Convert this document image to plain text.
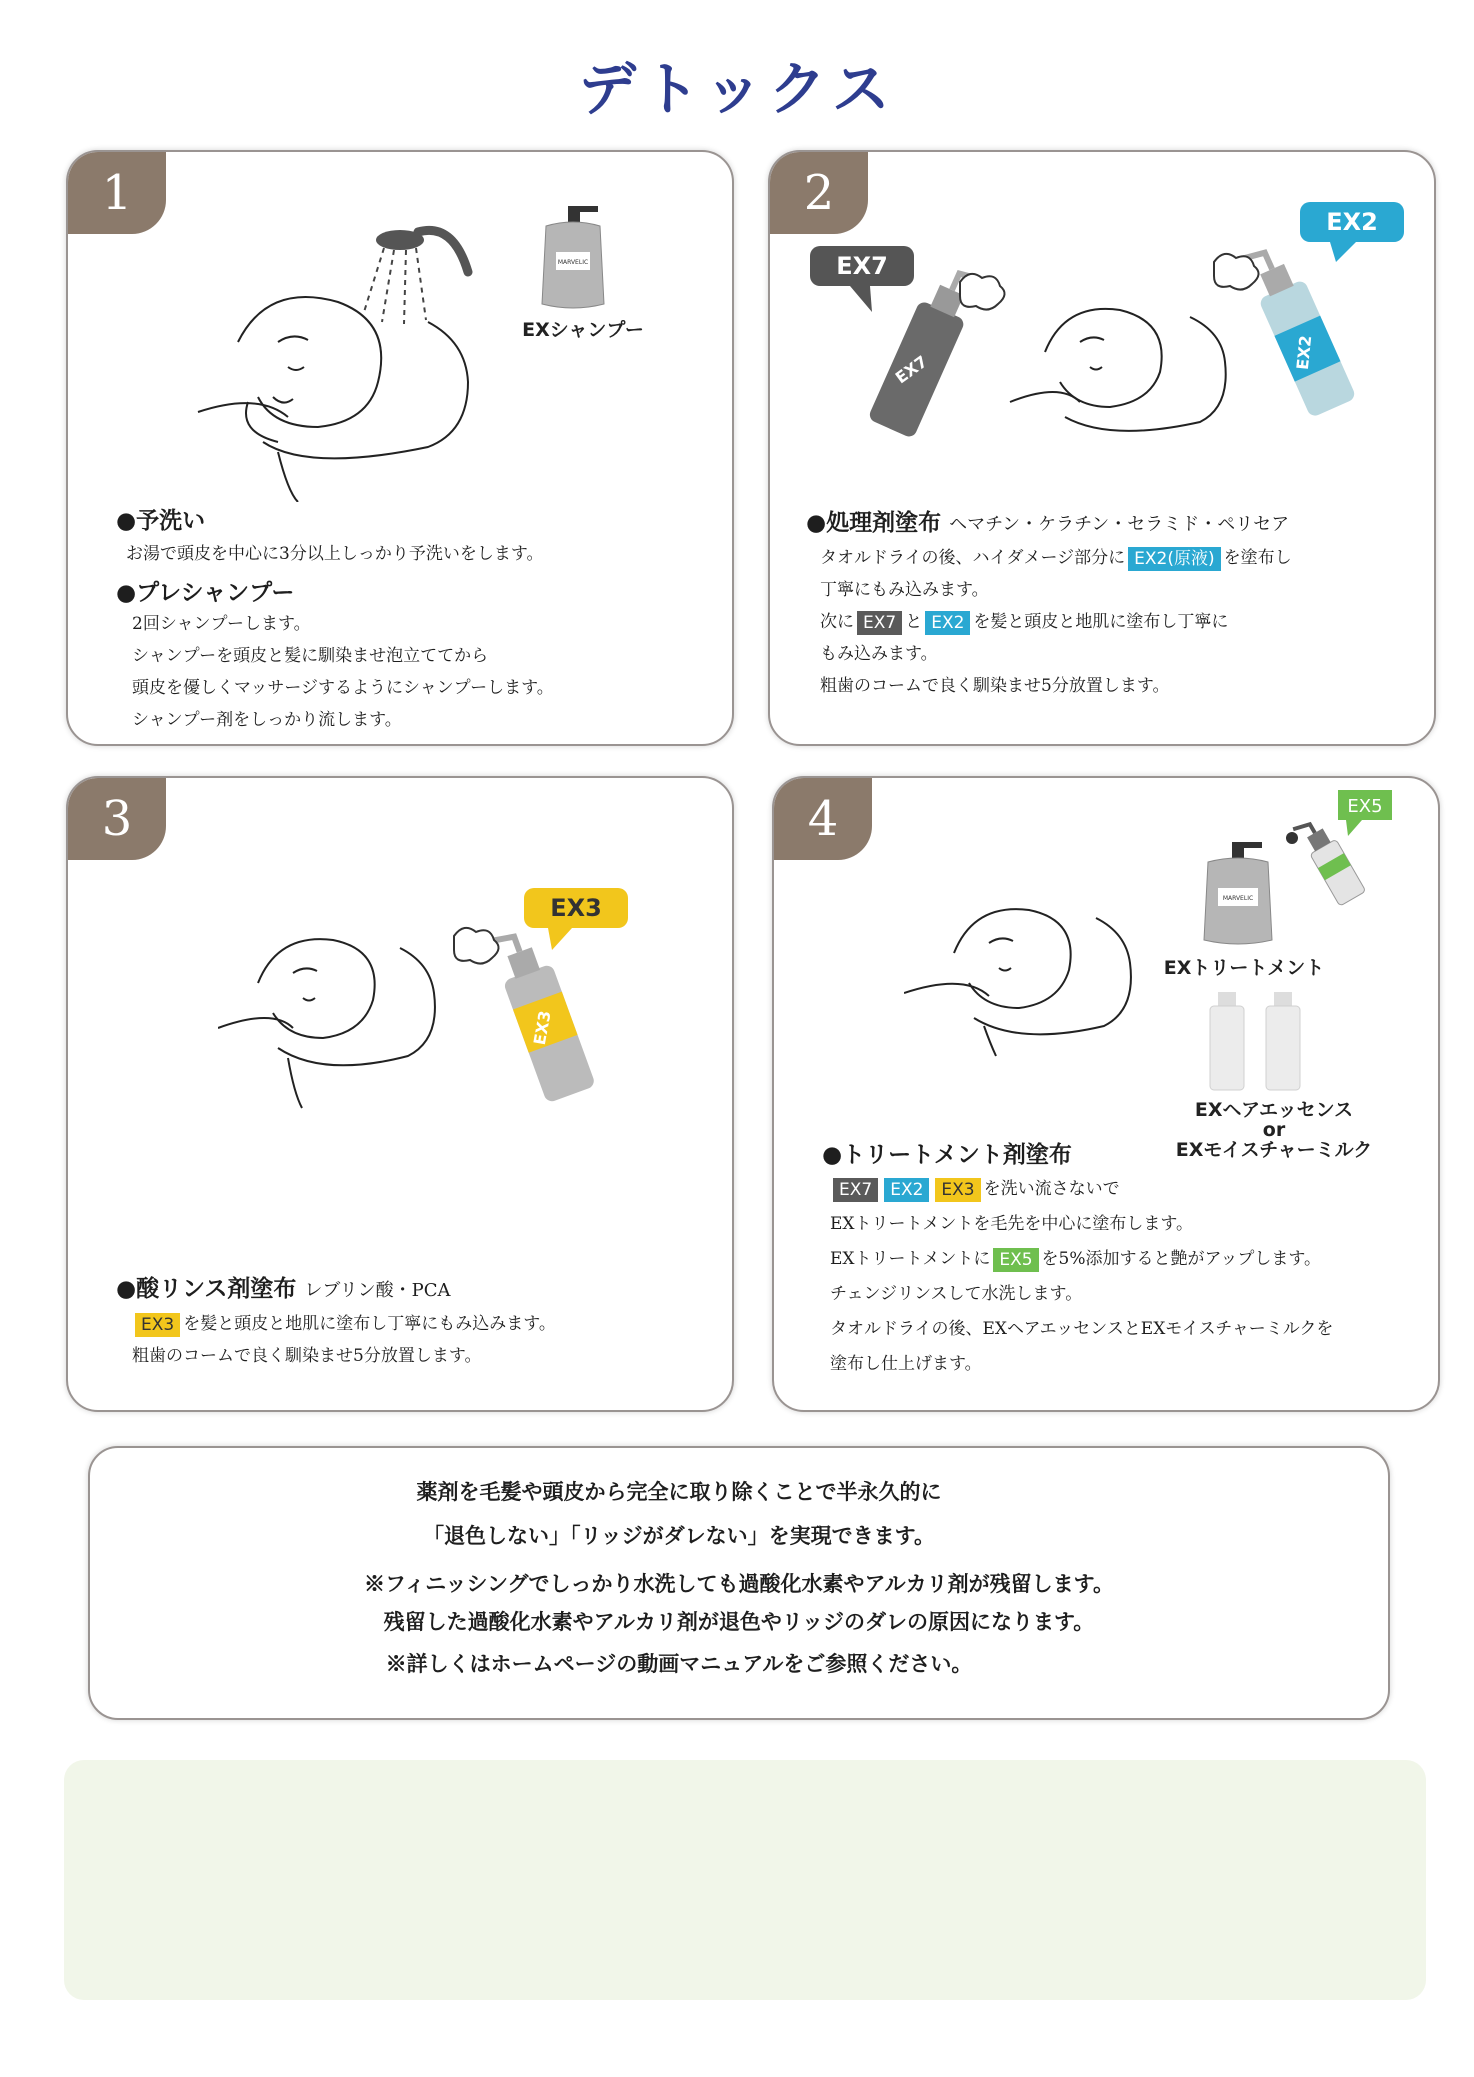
デトックス
1
MARVELIC
EXシャンプー
●予洗い
お湯で頭皮を中心に3分以上しっかり予洗いをします。
●プレシャンプー
2回シャンプーします。
シャンプーを頭皮と髪に馴染ませ泡立ててから
頭皮を優しくマッサージするようにシャンプーします。
シャンプー剤をしっかり流します。
2
EX7
EX7
EX2
EX2
●処理剤塗布 ヘマチン・ケラチン・セラミド・ペリセア
タオルドライの後、ハイダメージ部分に EX2(原液) を塗布し
丁寧にもみ込みます。
次に EX7 と EX2 を髪と頭皮と地肌に塗布し丁寧に
もみ込みます。
粗歯のコームで良く馴染ませ5分放置します。
3
EX3
EX3
●酸リンス剤塗布 レブリン酸・PCA
EX3 を髪と頭皮と地肌に塗布し丁寧にもみ込みます。
粗歯のコームで良く馴染ませ5分放置します。
4
MARVELIC
EX5
EXトリートメント
EXヘアエッセンス
or
EXモイスチャーミルク
●トリートメント剤塗布
EX7 EX2 EX3 を洗い流さないで
EXトリートメントを毛先を中心に塗布します。
EXトリートメントに EX5 を5%添加すると艶がアップします。
チェンジリンスして水洗します。
タオルドライの後、EXヘアエッセンスとEXモイスチャーミルクを
塗布し仕上げます。
薬剤を毛髪や頭皮から完全に取り除くことで半永久的に
「退色しない」「リッジがダレない」を実現できます。
※フィニッシングでしっかり水洗しても過酸化水素やアルカリ剤が残留します。
残留した過酸化水素やアルカリ剤が退色やリッジのダレの原因になります。
※詳しくはホームページの動画マニュアルをご参照ください。
